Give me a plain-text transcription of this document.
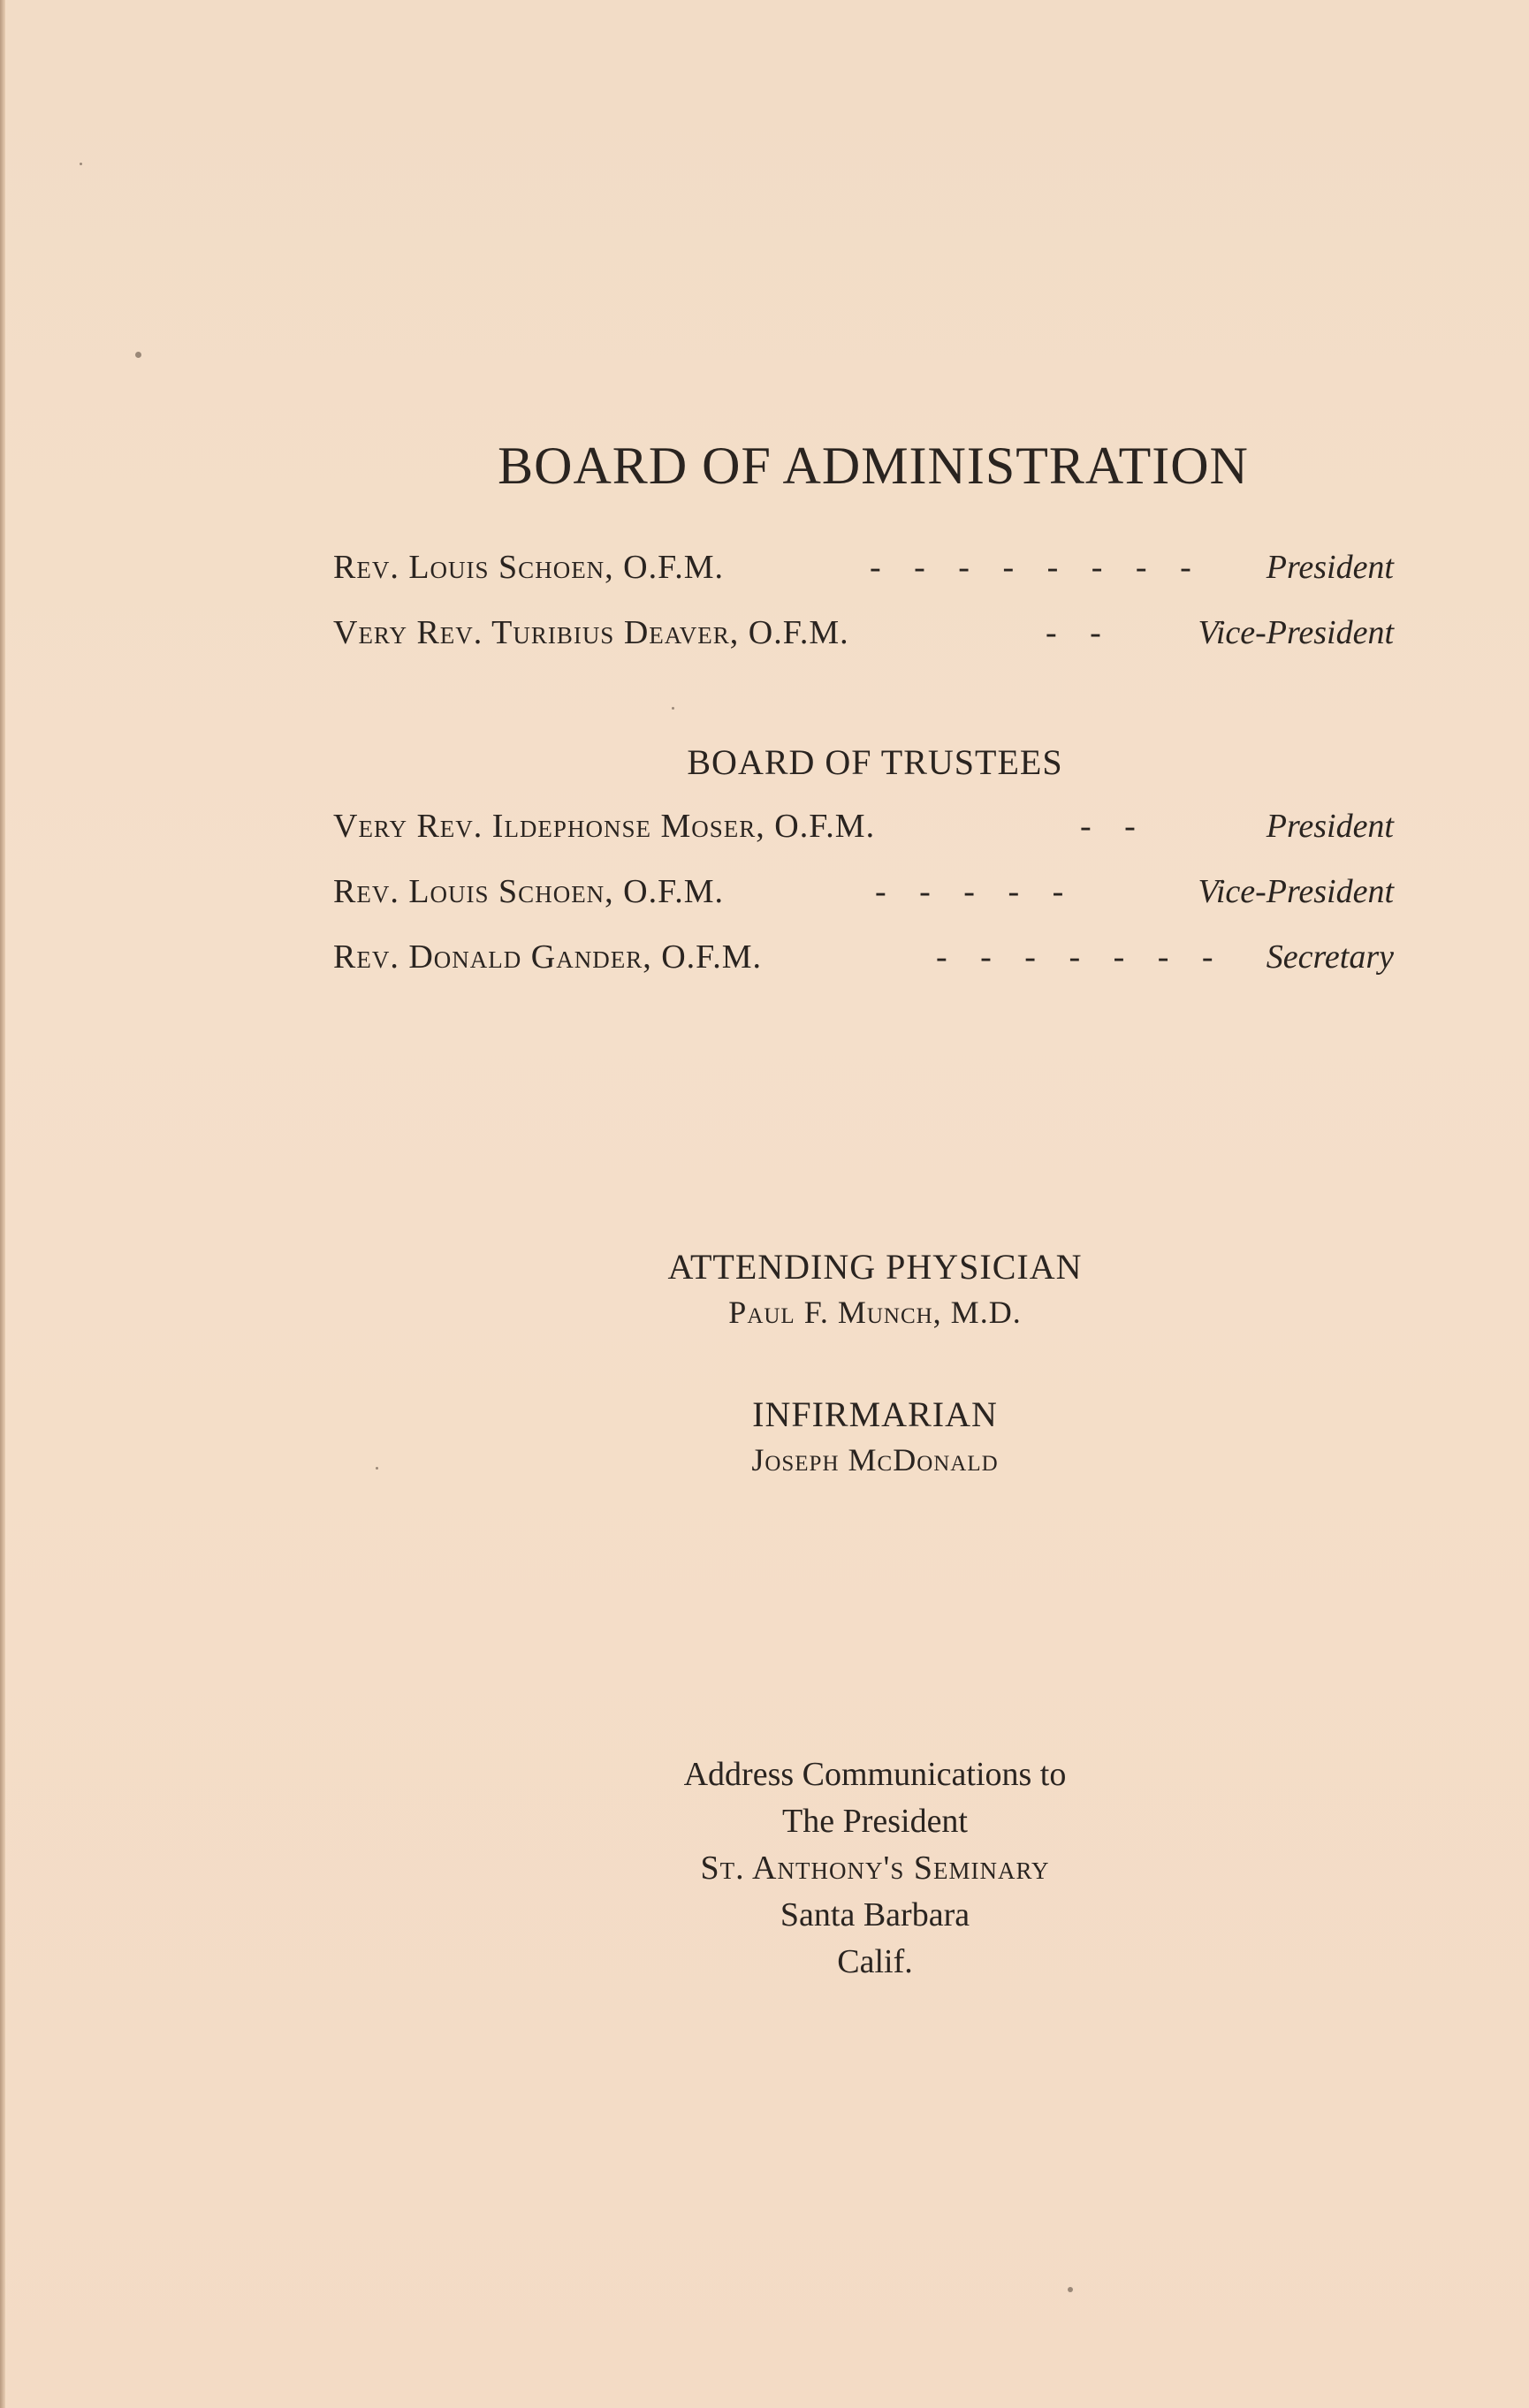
BOARD OF ADMINISTRATION
Rev. Louis Schoen, O.F.M.	- - - - - - - - President
Very Rev. Turibius Deaver, O.F.M.	- -	Vice-President
BOARD OF TRUSTEES
Very Rev. Ildephonse Moser, O.F.M.	- -	President
Rev. Louis Schoen, O.F.M.	- - - - -	Vice-President
Rev. Donald Gander, O.F.M.	- - - - - - - Secretary
ATTENDING PHYSICIAN
Paul F. Munch, M.D.
INFIRMARIAN
Joseph McDonald
Address Communications to
The President
St. Anthony's Seminary
Santa Barbara
Calif.
